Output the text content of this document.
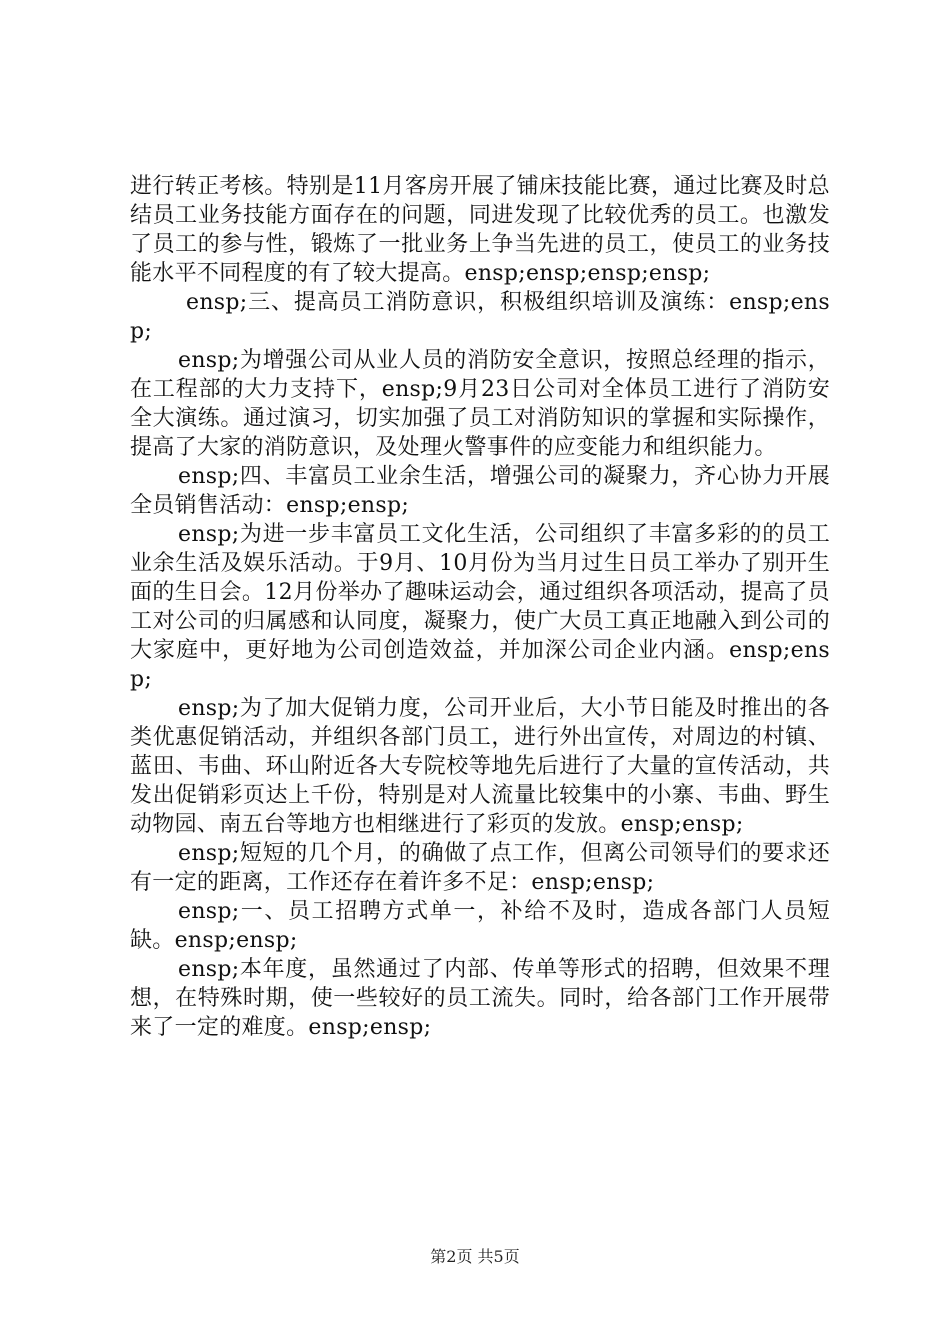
进行转正考核。特别是11月客房开展了铺床技能比赛，通过比赛及时总结员工业务技能方面存在的问题，同进发现了比较优秀的员工。也激发了员工的参与性，锻炼了一批业务上争当先进的员工，使员工的业务技能水平不同程度的有了较大提高。ensp;ensp;ensp;ensp;

ensp;三、提高员工消防意识，积极组织培训及演练：ensp;ensp;

ensp;为增强公司从业人员的消防安全意识，按照总经理的指示，在工程部的大力支持下，ensp;9月23日公司对全体员工进行了消防安全大演练。通过演习，切实加强了员工对消防知识的掌握和实际操作，提高了大家的消防意识，及处理火警事件的应变能力和组织能力。

ensp;四、丰富员工业余生活，增强公司的凝聚力，齐心协力开展全员销售活动：ensp;ensp;

ensp;为进一步丰富员工文化生活，公司组织了丰富多彩的的员工业余生活及娱乐活动。于9月、10月份为当月过生日员工举办了别开生面的生日会。12月份举办了趣味运动会，通过组织各项活动，提高了员工对公司的归属感和认同度，凝聚力，使广大员工真正地融入到公司的大家庭中，更好地为公司创造效益，并加深公司企业内涵。ensp;ensp;

ensp;为了加大促销力度，公司开业后，大小节日能及时推出的各类优惠促销活动，并组织各部门员工，进行外出宣传，对周边的村镇、蓝田、韦曲、环山附近各大专院校等地先后进行了大量的宣传活动，共发出促销彩页达上千份，特别是对人流量比较集中的小寨、韦曲、野生动物园、南五台等地方也相继进行了彩页的发放。ensp;ensp;

ensp;短短的几个月，的确做了点工作，但离公司领导们的要求还有一定的距离，工作还存在着许多不足：ensp;ensp;

ensp;一、员工招聘方式单一，补给不及时，造成各部门人员短缺。ensp;ensp;

ensp;本年度，虽然通过了内部、传单等形式的招聘，但效果不理想，在特殊时期，使一些较好的员工流失。同时，给各部门工作开展带来了一定的难度。ensp;ensp;

第2页 共5页
